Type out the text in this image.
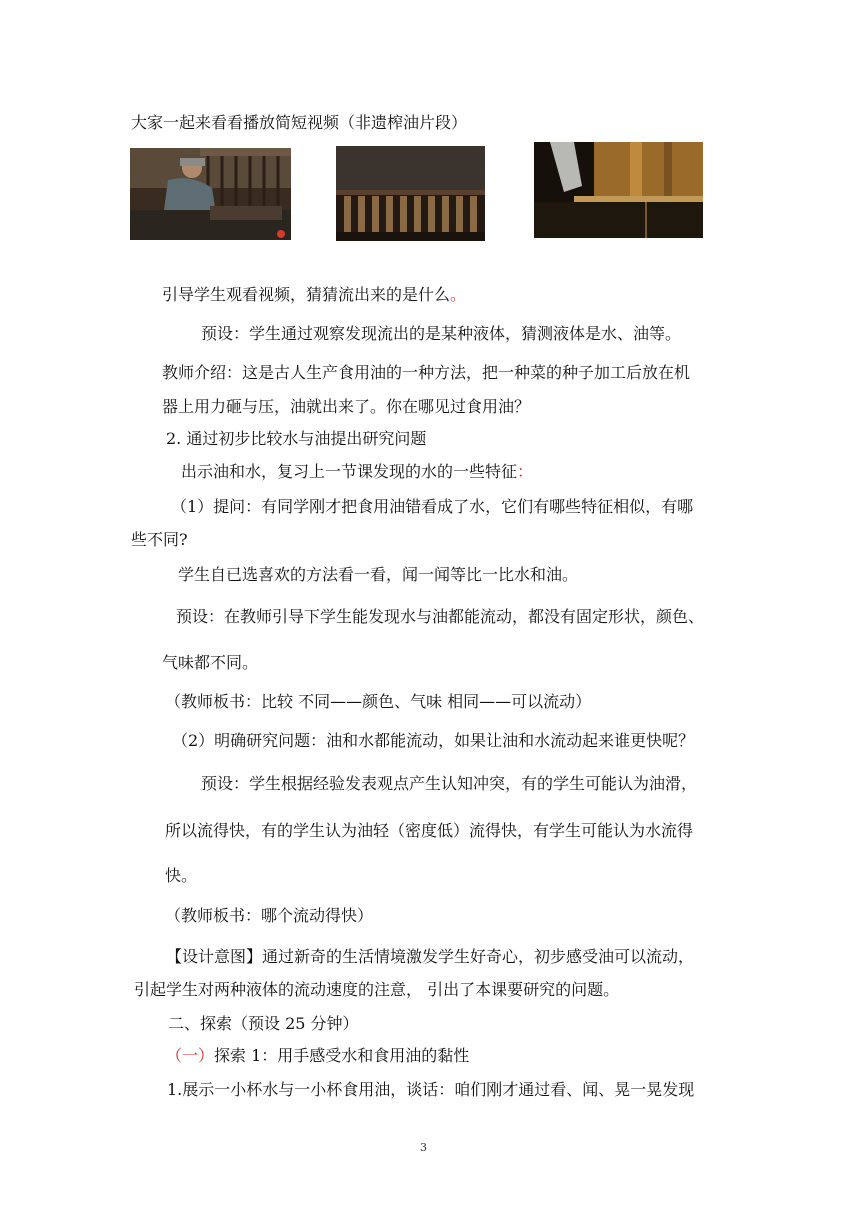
大家一起来看看播放简短视频（非遗榨油片段）
引导学生观看视频，猜猜流出来的是什么。
预设：学生通过观察发现流出的是某种液体，猜测液体是水、油等。
教师介绍：这是古人生产食用油的一种方法，把一种菜的种子加工后放在机
器上用力砸与压，油就出来了。你在哪见过食用油？
2. 通过初步比较水与油提出研究问题
出示油和水，复习上一节课发现的水的一些特征：
（1）提问：有同学刚才把食用油错看成了水，它们有哪些特征相似，有哪
些不同?
学生自已选喜欢的方法看一看，闻一闻等比一比水和油。
预设：在教师引导下学生能发现水与油都能流动，都没有固定形状，颜色、
气味都不同。
（教师板书：比较 不同——颜色、气味 相同——可以流动）
（2）明确研究问题：油和水都能流动，如果让油和水流动起来谁更快呢？
预设：学生根据经验发表观点产生认知冲突，有的学生可能认为油滑，
所以流得快，有的学生认为油轻（密度低）流得快，有学生可能认为水流得
快。
（教师板书：哪个流动得快）
【设计意图】通过新奇的生活情境激发学生好奇心，初步感受油可以流动，
引起学生对两种液体的流动速度的注意， 引出了本课要研究的问题。
二、探索（预设 25 分钟）
（一）探索 1：用手感受水和食用油的黏性
1.展示一小杯水与一小杯食用油，谈话：咱们刚才通过看、闻、晃一晃发现
3
